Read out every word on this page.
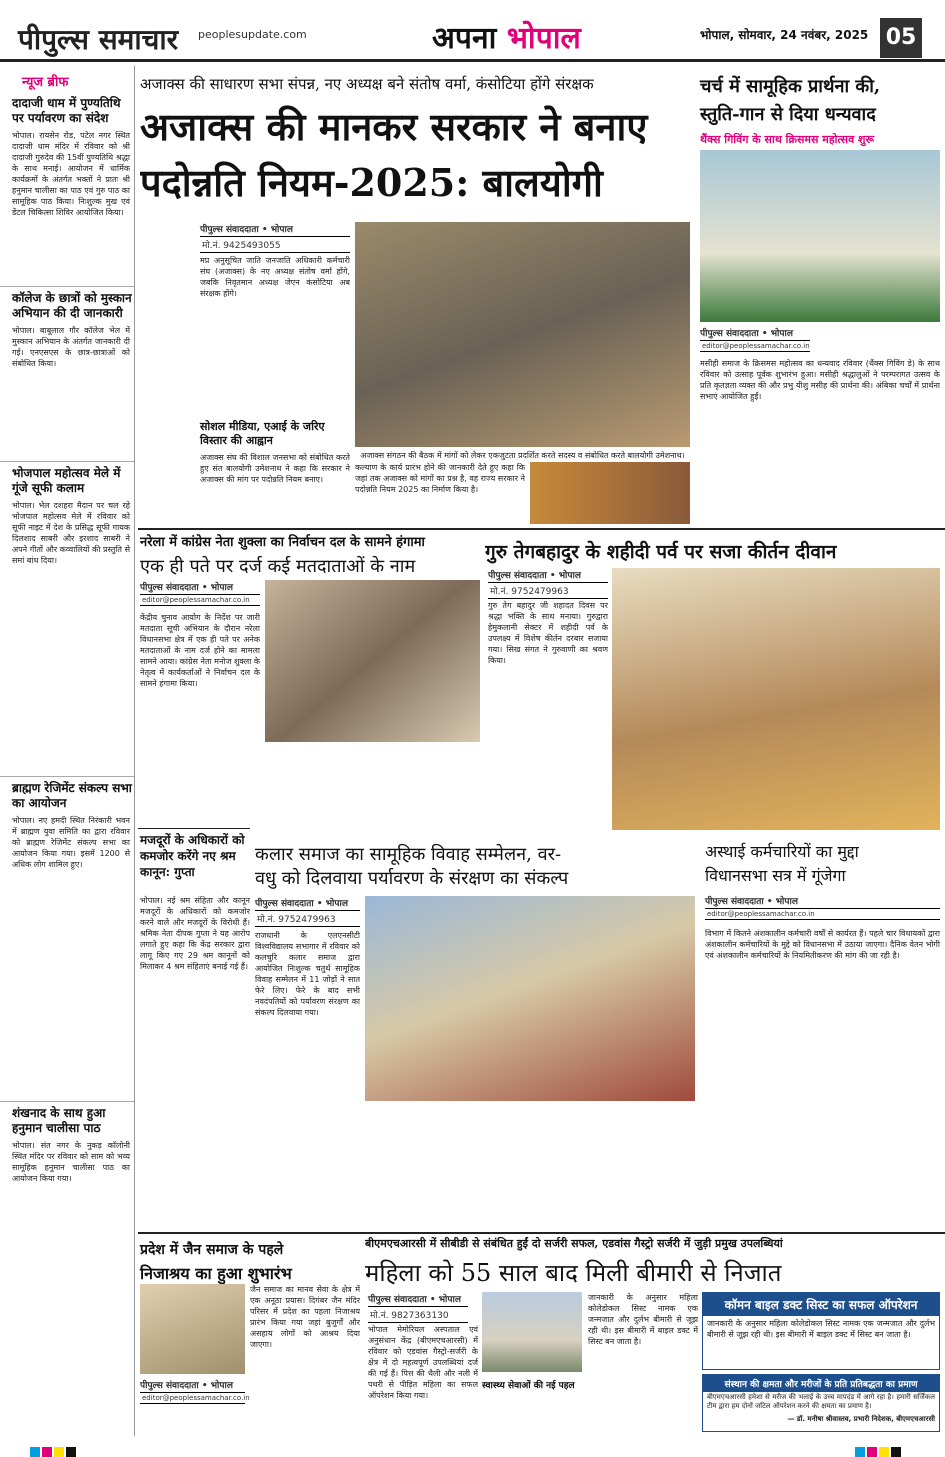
पीपुल्स समाचार peoplesupdate.com	अपना भोपाल	भोपाल, सोमवार, 24 नवंबर, 2025 05
न्यूज ब्रीफ
दादाजी धाम में पुण्यतिथि पर पर्यावरण का संदेश
भोपाल। रायसेन रोड, पटेल नगर स्थित दादाजी धाम मंदिर में रविवार को श्री दादाजी गुरुदेव की 15वीं पुण्यतिथि श्रद्धा के साथ मनाई। आयोजन में धार्मिक कार्यक्रमों के अंतर्गत भक्तों ने प्रातः श्री हनुमान चालीसा का पाठ एवं गुरु पाठ का सामूहिक पाठ किया। निःशुल्क मुख एवं डेंटल चिकित्सा शिविर आयोजित किया।
कॉलेज के छात्रों को मुस्कान अभियान की दी जानकारी
भोपाल। बाबूलाल गौर कॉलेज भेल में मुस्कान अभियान के अंतर्गत जानकारी दी गई। एनएसएस के छात्र-छात्राओं को संबोधित किया।
भोजपाल महोत्सव मेले में गूंजे सूफी कलाम
भोपाल। भेल दशहरा मैदान पर चल रहे भोजपाल महोत्सव मेले में रविवार को सूफी नाइट में देश के प्रसिद्ध सूफी गायक दिलशाद साबरी और इरशाद साबरी ने अपने गीतों और कव्वालियों की प्रस्तुति से समां बांध दिया।
ब्राह्मण रेजिमेंट संकल्प सभा का आयोजन
भोपाल। नए हमदी स्थित निरंकारी भवन में ब्राह्मण युवा समिति का द्वारा रविवार को ब्राह्मण रेजिमेंट संकल्प सभा का आयोजन किया गया। इसमें 1200 से अधिक लोग शामिल हुए।
शंखनाद के साथ हुआ हनुमान चालीसा पाठ
भोपाल। संत नगर के नुकड़ कॉलोनी स्थित मंदिर पर रविवार को साम को भव्य सामूहिक हनुमान चालीसा पाठ का आयोजन किया गया।
अजाक्स की साधारण सभा संपन्न, नए अध्यक्ष बने संतोष वर्मा, कंसोटिया होंगे संरक्षक
अजाक्स की मानकर सरकार ने बनाए
पदोन्नति नियम-2025: बालयोगी
पीपुल्स संवाददाता • भोपाल
मो.नं. 9425493055
मप्र अनुसूचित जाति जनजाति अधिकारी कर्मचारी संघ (अजाक्स) के नए अध्यक्ष संतोष वर्मा होंगे, जबकि निवृतमान अध्यक्ष जेएन कंसोटिया अब संरक्षक होंगे।
सोशल मीडिया, एआई के जरिए विस्तार की आह्वान
अजाक्स संघ की विशाल जनसभा को संबोधित करते हुए संत बालयोगी उमेशनाथ ने कहा कि सरकार ने अजाक्स की मांग पर पदोन्नति नियम बनाए।
अजाक्स संगठन की बैठक में मांगों को लेकर एकजुटता प्रदर्शित करते सदस्य व संबोधित करते बालयोगी उमेशनाथ।
कल्याण के कार्य प्रारंभ होने की जानकारी देते हुए कहा कि जहां तक अजाक्स को मांगों का प्रश्न है, वह राज्य सरकार ने पदोन्नति नियम 2025 का निर्माण किया है।
चर्च में सामूहिक प्रार्थना की,
स्तुति-गान से दिया धन्यवाद
थैंक्स गिविंग के साथ क्रिसमस महोत्सव शुरू
पीपुल्स संवाददाता • भोपाल
editor@peoplessamachar.co.in
मसीही समाज के क्रिसमस महोत्सव का धन्यवाद रविवार (थैंक्स गिविंग डे) के साथ रविवार को उत्साह पूर्वक शुभारंभ हुआ। मसीही श्रद्धालुओं ने परम्परागत उत्सव के प्रति कृतज्ञता व्यक्त की और प्रभु यीशु मसीह की प्रार्थना की। अंबिका चर्चों में प्रार्थना सभाएं आयोजित हुईं।
नरेला में कांग्रेस नेता शुक्ला का निर्वाचन दल के सामने हंगामा
एक ही पते पर दर्ज कई मतदाताओं के नाम
पीपुल्स संवाददाता • भोपाल
editor@peoplessamachar.co.in
केंद्रीय चुनाव आयोग के निर्देश पर जारी मतदाता सूची अभियान के दौरान नरेला विधानसभा क्षेत्र में एक ही पते पर अनेक मतदाताओं के नाम दर्ज होने का मामला सामने आया। कांग्रेस नेता मनोज शुक्ला के नेतृत्व में कार्यकर्ताओं ने निर्वाचन दल के सामने हंगामा किया।
गुरु तेगबहादुर के शहीदी पर्व पर सजा कीर्तन दीवान
पीपुल्स संवाददाता • भोपाल
मो.नं. 9752479963
गुरु तेग बहादुर जी शहादत दिवस पर श्रद्धा भक्ति के साथ मनाया। गुरुद्वारा हेमुकलानी सेक्टर में शहीदी पर्व के उपलक्ष्य में विशेष कीर्तन दरबार सजाया गया। सिख संगत ने गुरुवाणी का श्रवण किया।
मजदूरों के अधिकारों को कमजोर करेंगे नए श्रम कानून: गुप्ता
भोपाल। नई श्रम संहिता और कानून मजदूरों के अधिकारों को कमजोर करने वाले और मजदूरों के विरोधी हैं। श्रमिक नेता दीपक गुप्ता ने यह आरोप लगाते हुए कहा कि केंद्र सरकार द्वारा लागू किए गए 29 श्रम कानूनों को मिलाकर 4 श्रम संहिताएं बनाई गई हैं।
कलार समाज का सामूहिक विवाह सम्मेलन, वर-
वधु को दिलवाया पर्यावरण के संरक्षण का संकल्प
पीपुल्स संवाददाता • भोपाल
मो.नं. 9752479963
राजधानी के एलएनसीटी विश्वविद्यालय सभागार में रविवार को कलचुरि कलार समाज द्वारा आयोजित निःशुल्क चतुर्थ सामूहिक विवाह सम्मेलन में 11 जोड़ों ने सात फेरे लिए। फेरे के बाद सभी नवदंपतियों को पर्यावरण संरक्षण का संकल्प दिलवाया गया।
अस्थाई कर्मचारियों का मुद्दा
विधानसभा सत्र में गूंजेगा
पीपुल्स संवाददाता • भोपाल
editor@peoplessamachar.co.in
विभाग में कितने अंशकालीन कर्मचारी वर्षों से कार्यरत हैं। पहले चार विधायकों द्वारा अंशकालीन कर्मचारियों के मुद्दे को विधानसभा में उठाया जाएगा। दैनिक वेतन भोगी एवं अंशकालीन कर्मचारियों के नियमितीकरण की मांग की जा रही है।
प्रदेश में जैन समाज के पहले
निजाश्रय का हुआ शुभारंभ
पीपुल्स संवाददाता • भोपाल
editor@peoplessamachar.co.in
जैन समाज का मानव सेवा के क्षेत्र में एक अनूठा प्रयास। दिगंबर जैन मंदिर परिसर में प्रदेश का पहला निजाश्रय प्रारंभ किया गया जहां बुजुर्गों और असहाय लोगों को आश्रय दिया जाएगा।
बीएमएचआरसी में सीबीडी से संबंधित हुईं दो सर्जरी सफल, एडवांस गैस्ट्रो सर्जरी में जुड़ी प्रमुख उपलब्धियां
महिला को 55 साल बाद मिली बीमारी से निजात
पीपुल्स संवाददाता • भोपाल
मो.नं. 9827363130
भोपाल मेमोरियल अस्पताल एवं अनुसंधान केंद्र (बीएमएचआरसी) में रविवार को एडवांस गैस्ट्रो-सर्जरी के क्षेत्र में दो महत्वपूर्ण उपलब्धियां दर्ज की गई हैं। पित्त की थैली और नली में पथरी से पीड़ित महिला का सफल ऑपरेशन किया गया।
स्वास्थ्य सेवाओं की नई पहल
जानकारी के अनुसार महिला कोलेडोकल सिस्ट नामक एक जन्मजात और दुर्लभ बीमारी से जूझ रही थी। इस बीमारी में बाइल डक्ट में सिस्ट बन जाता है।
कॉमन बाइल डक्ट सिस्ट का सफल ऑपरेशन
जानकारी के अनुसार महिला कोलेडोकल सिस्ट नामक एक जन्मजात और दुर्लभ बीमारी से जूझ रही थी। इस बीमारी में बाइल डक्ट में सिस्ट बन जाता है।
संस्थान की क्षमता और मरीजों के प्रति प्रतिबद्धता का प्रमाण
बीएमएचआरसी हमेशा से मरीज की भलाई के उच्च मापदंड में आगे रहा है। हमारी सर्जिकल टीम द्वारा हम दोनों जटिल ऑपरेशन करने की क्षमता का प्रमाण है।
— डॉ. मनीषा श्रीवास्तव, प्रभारी निदेशक, बीएमएचआरसी
